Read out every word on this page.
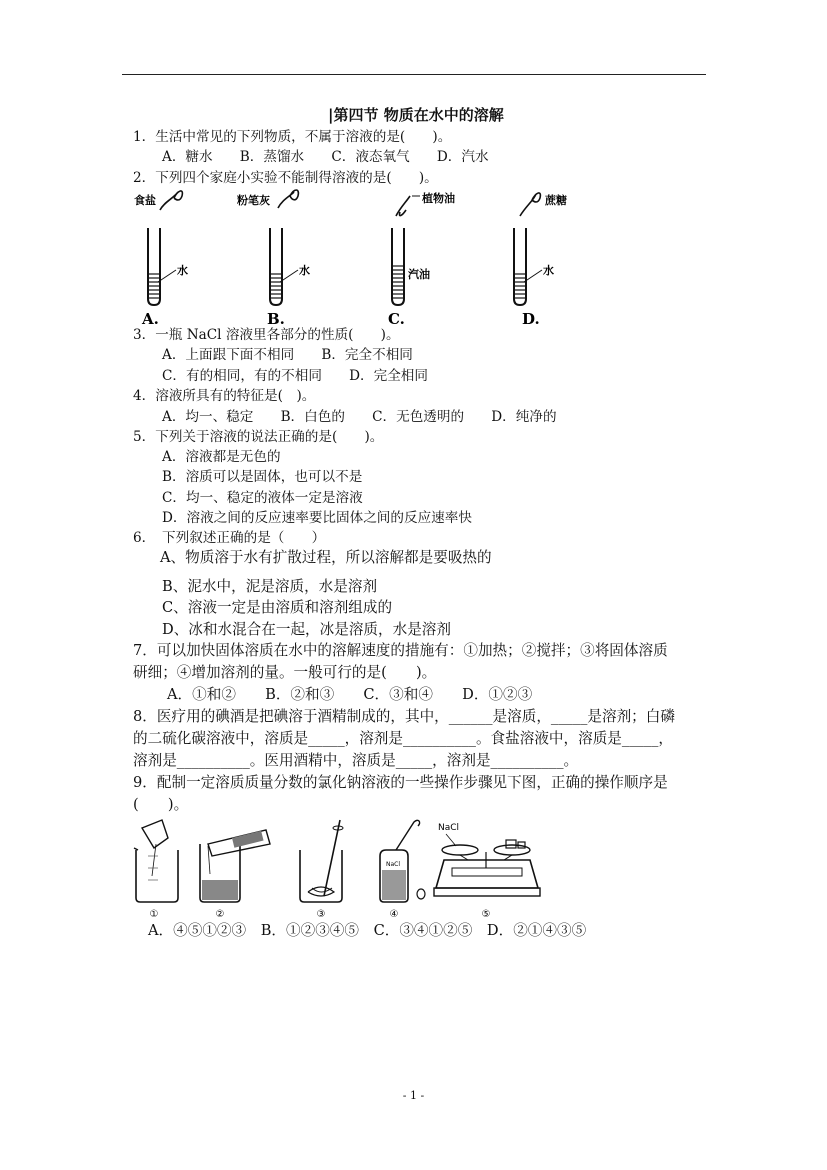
|第四节 物质在水中的溶解
1．生活中常见的下列物质，不属于溶液的是(　　)。
A．糖水　　B．蒸馏水　　C．液态氧气　　D．汽水
2．下列四个家庭小实验不能制得溶液的是(　　)。
食盐
水
A.
粉笔灰
水
B.
植物油
汽油
C.
蔗糖
水
D.
3．一瓶 NaCl 溶液里各部分的性质(　　)。
A．上面跟下面不相同　　B．完全不相同
C．有的相同，有的不相同　　D．完全相同
4．溶液所具有的特征是(　)。
A．均一、稳定　　B．白色的　　C．无色透明的　　D．纯净的
5．下列关于溶液的说法正确的是(　　)。
A．溶液都是无色的
B．溶质可以是固体，也可以不是
C．均一、稳定的液体一定是溶液
D．溶液之间的反应速率要比固体之间的反应速率快
6．　下列叙述正确的是（　　）
A、物质溶于水有扩散过程，所以溶解都是要吸热的
B、泥水中，泥是溶质，水是溶剂
C、溶液一定是由溶质和溶剂组成的
D、冰和水混合在一起，冰是溶质，水是溶剂
7．可以加快固体溶质在水中的溶解速度的措施有：①加热；②搅拌；③将固体溶质
研细；④增加溶剂的量。一般可行的是(　　)。
A．①和②　　B．②和③　　C．③和④　　D．①②③
8．医疗用的碘酒是把碘溶于酒精制成的，其中，______是溶质，_____是溶剂；白磷
的二硫化碳溶液中，溶质是_____，溶剂是__________。食盐溶液中，溶质是_____，
溶剂是__________。医用酒精中，溶质是_____，溶剂是__________。
9．配制一定溶质质量分数的氯化钠溶液的一些操作步骤见下图，正确的操作顺序是
(　　)。
①	②	③
NaCl
④
NaCl
⑤
A．④⑤①②③　B．①②③④⑤　C．③④①②⑤　D．②①④③⑤
- 1 -
